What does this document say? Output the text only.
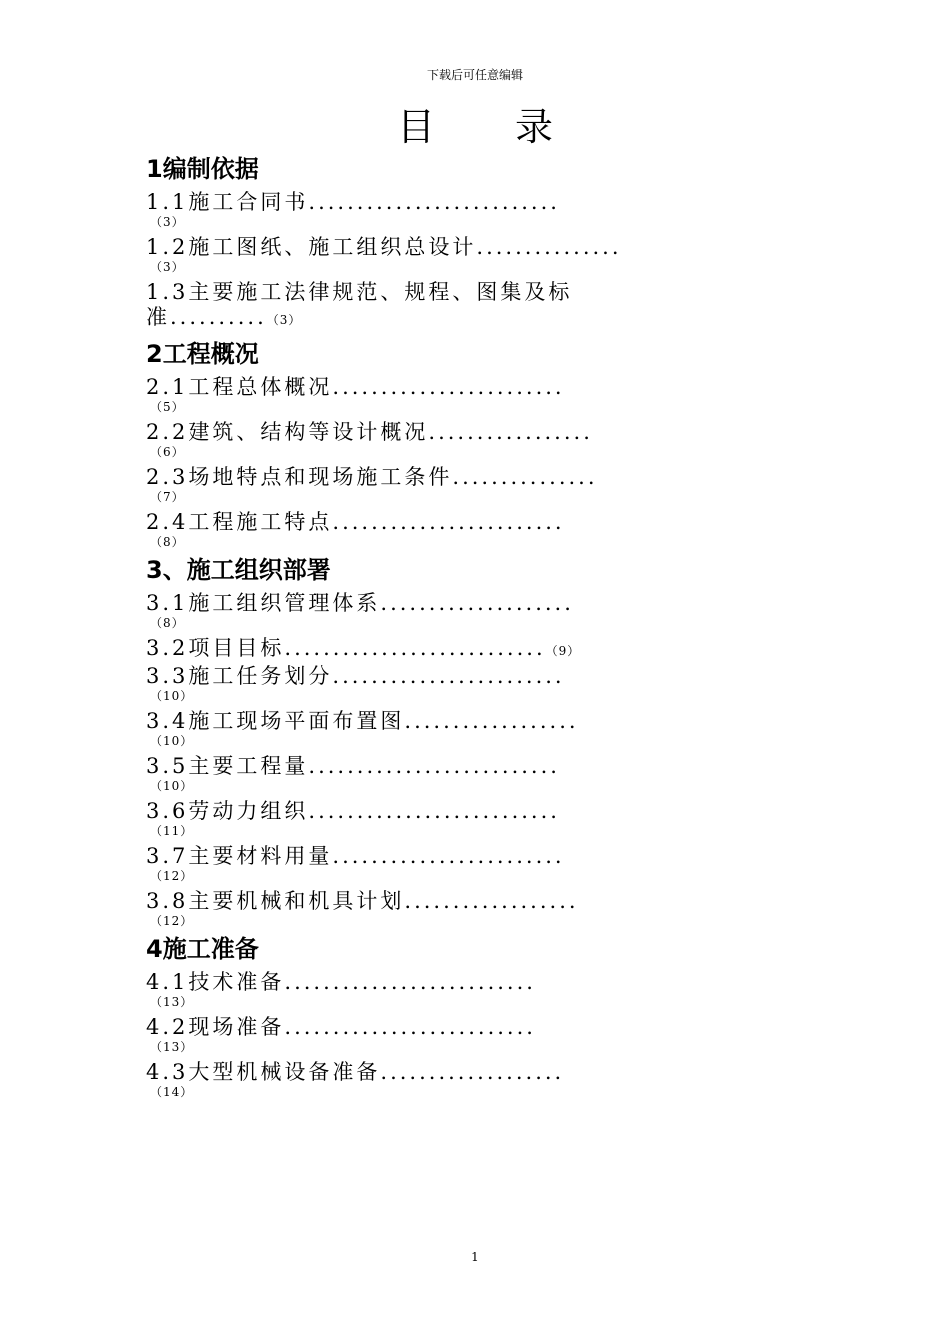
下载后可任意编辑
目录
1编制依据
1.1施工合同书..........................
（3）
1.2施工图纸、施工组织总设计...............
（3）
1.3主要施工法律规范、规程、图集及标
准..........（3）
2工程概况
2.1工程总体概况........................
（5）
2.2建筑、结构等设计概况.................
（6）
2.3场地特点和现场施工条件...............
（7）
2.4工程施工特点........................
（8）
3、施工组织部署
3.1施工组织管理体系....................
（8）
3.2项目目标...........................（9）
3.3施工任务划分........................
（10）
3.4施工现场平面布置图..................
（10）
3.5主要工程量..........................
（10）
3.6劳动力组织..........................
（11）
3.7主要材料用量........................
（12）
3.8主要机械和机具计划..................
（12）
4施工准备
4.1技术准备..........................
（13）
4.2现场准备..........................
（13）
4.3大型机械设备准备...................
（14）
1
